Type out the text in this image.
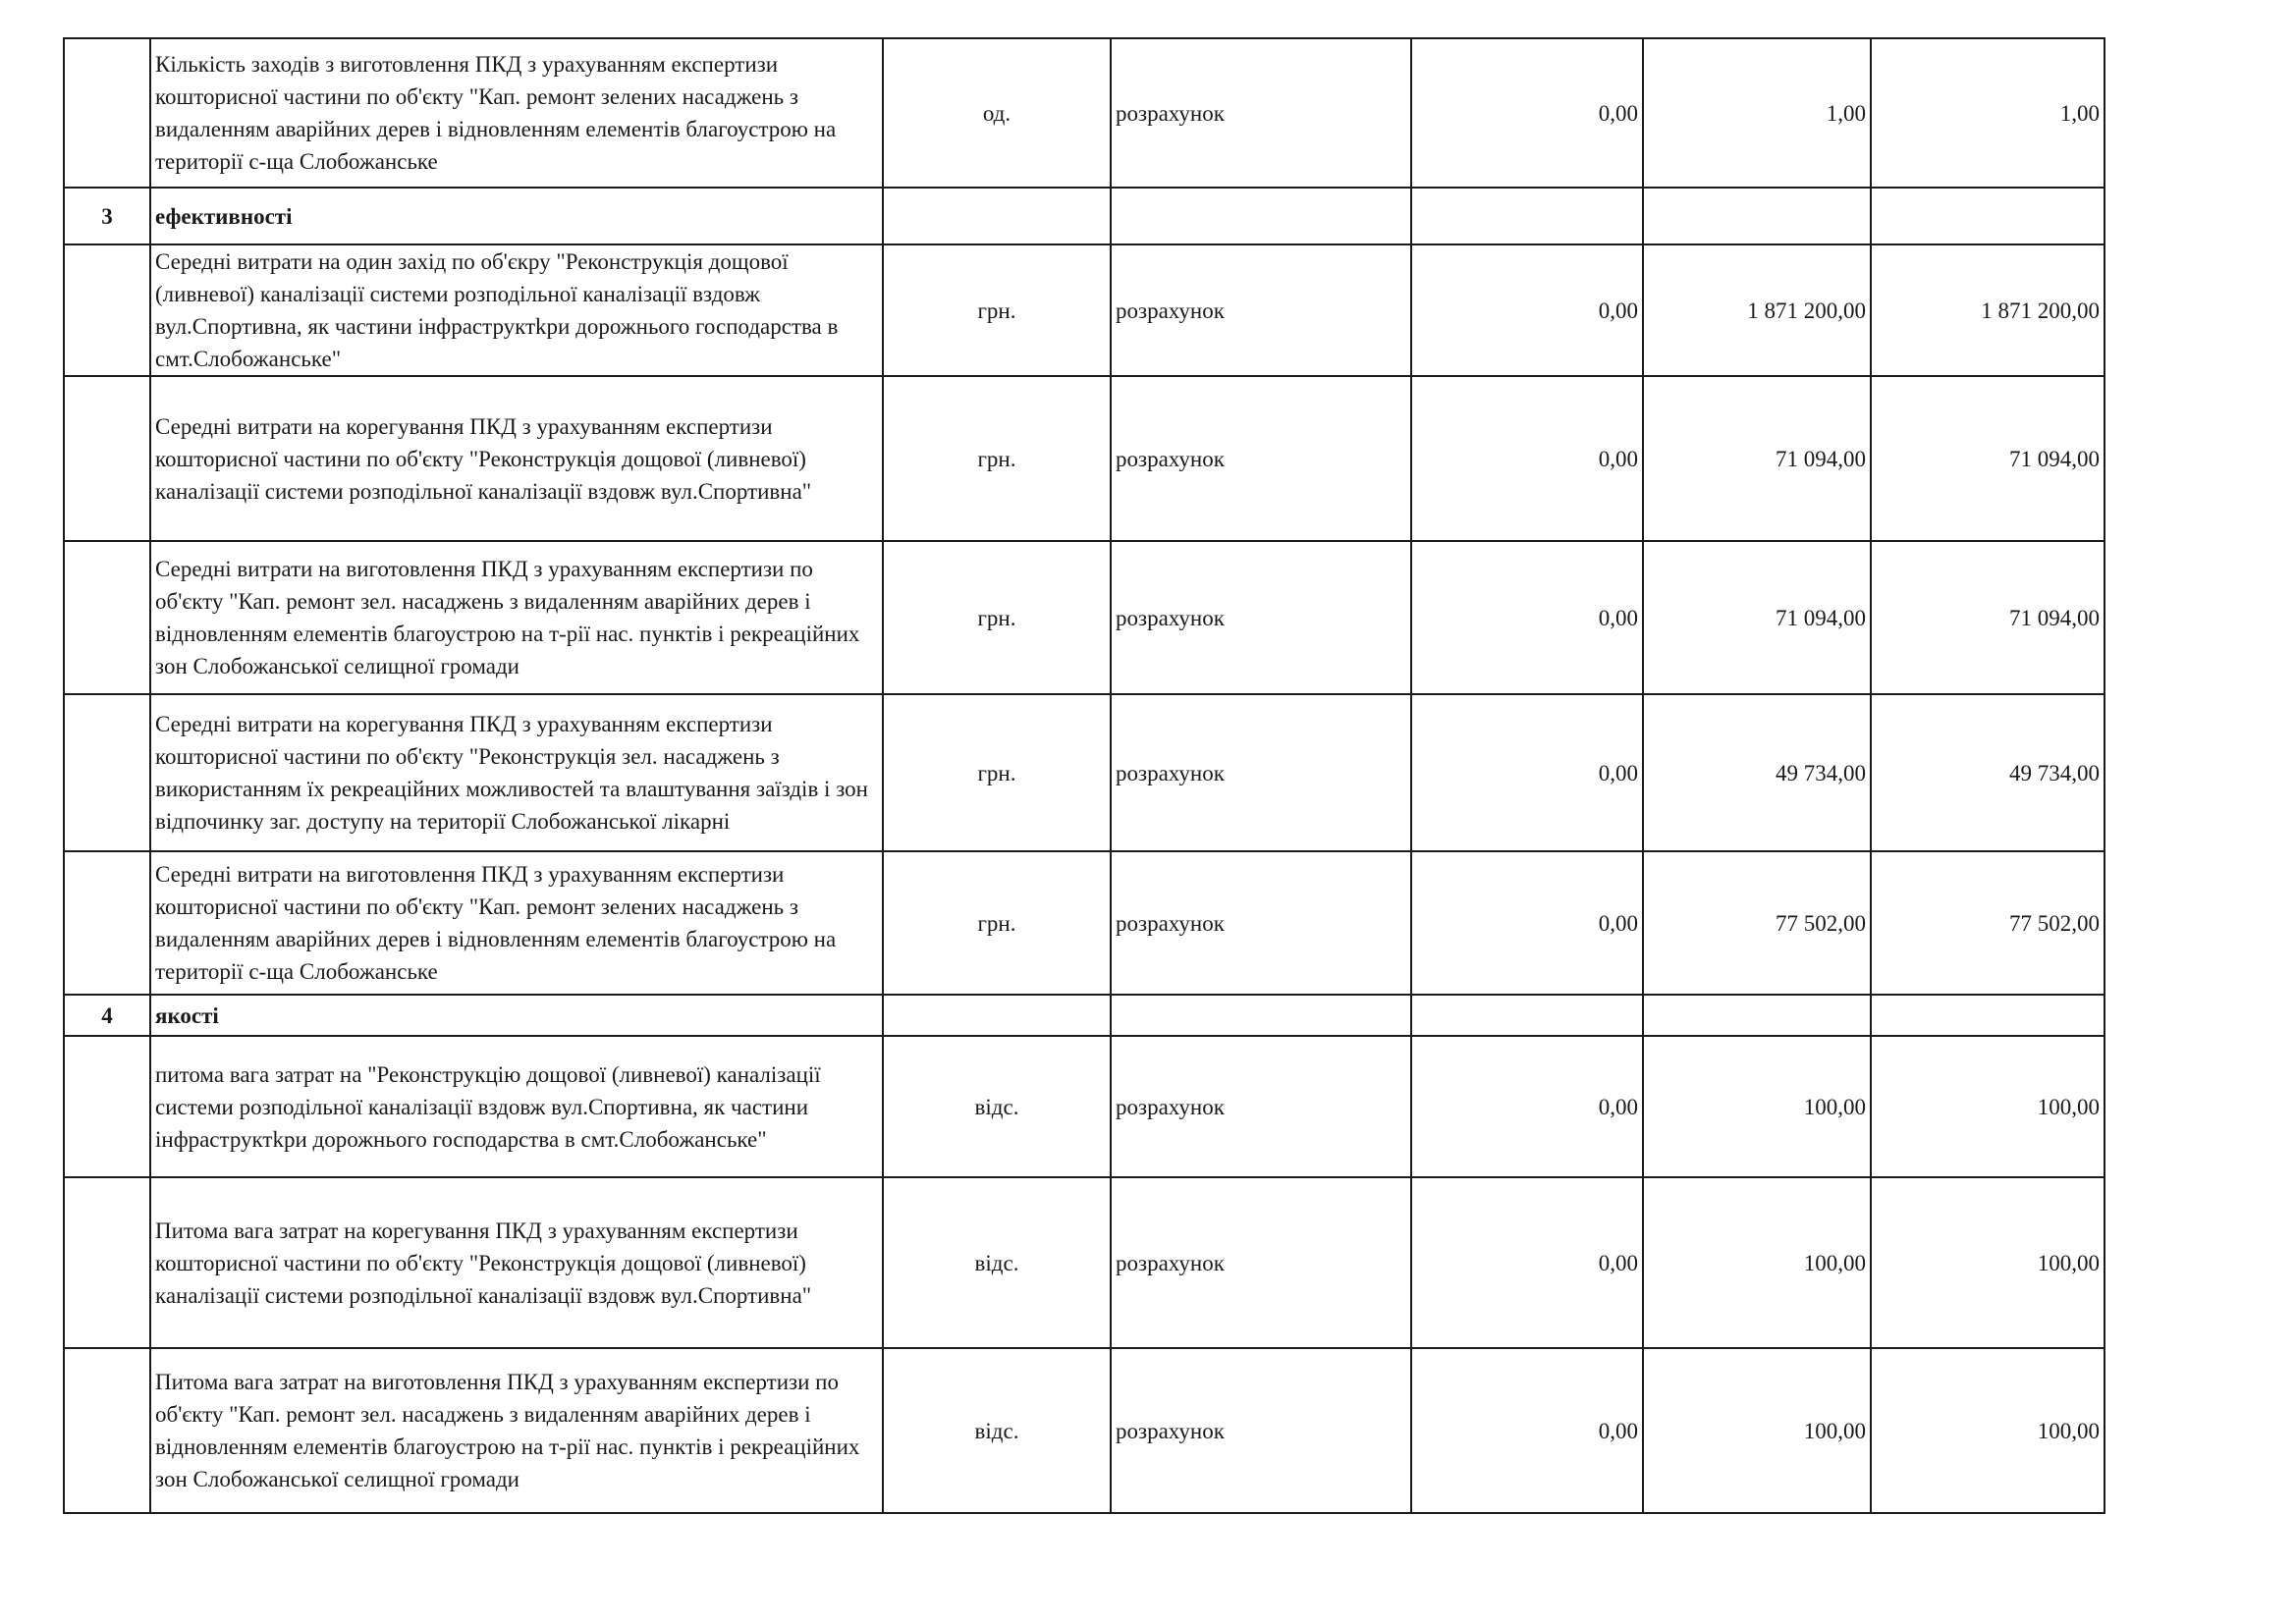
	Кількість заходів з виготовлення ПКД з урахуванням експертизи кошторисної частини по об'єкту "Кап. ремонт зелених насаджень з видаленням аварійних дерев і відновленням елементів благоустрою на території с-ща Слобожанське	од.	розрахунок	0,00	1,00	1,00
3	ефективності					
	Середні витрати на один захід по об'єкру "Реконструкція дощової (ливневої) каналізації системи розподільної каналізації вздовж вул.Спортивна, як частини інфраструктkри дорожнього господарства в смт.Слобожанське"	грн.	розрахунок	0,00	1 871 200,00	1 871 200,00
	Середні витрати на корегування ПКД з урахуванням експертизи кошторисної частини по об'єкту "Реконструкція дощової (ливневої) каналізації системи розподільної каналізації вздовж вул.Спортивна"	грн.	розрахунок	0,00	71 094,00	71 094,00
	Середні витрати на виготовлення ПКД з урахуванням експертизи по об'єкту "Кап. ремонт зел. насаджень з видаленням аварійних дерев і відновленням елементів благоустрою на т-рії нас. пунктів і рекреаційних зон Слобожанської селищної громади	грн.	розрахунок	0,00	71 094,00	71 094,00
	Середні витрати на корегування ПКД з урахуванням експертизи кошторисної частини по об'єкту "Реконструкція зел. насаджень з використанням їх рекреаційних можливостей та влаштування заїздів і зон відпочинку заг. доступу на території Слобожанської лікарні	грн.	розрахунок	0,00	49 734,00	49 734,00
	Середні витрати на виготовлення ПКД з урахуванням експертизи кошторисної частини по об'єкту "Кап. ремонт зелених насаджень з видаленням аварійних дерев і відновленням елементів благоустрою на території с-ща Слобожанське	грн.	розрахунок	0,00	77 502,00	77 502,00
4	якості					
	питома вага затрат на "Реконструкцію дощової (ливневої) каналізації системи розподільної каналізації вздовж вул.Спортивна, як частини інфраструктkри дорожнього господарства в смт.Слобожанське"	відс.	розрахунок	0,00	100,00	100,00
	Питома вага затрат на корегування ПКД з урахуванням експертизи кошторисної частини по об'єкту "Реконструкція дощової (ливневої) каналізації системи розподільної каналізації вздовж вул.Спортивна"	відс.	розрахунок	0,00	100,00	100,00
	Питома вага затрат на виготовлення ПКД з урахуванням експертизи по об'єкту "Кап. ремонт зел. насаджень з видаленням аварійних дерев і відновленням елементів благоустрою на т-рії нас. пунктів і рекреаційних зон Слобожанської селищної громади	відс.	розрахунок	0,00	100,00	100,00
